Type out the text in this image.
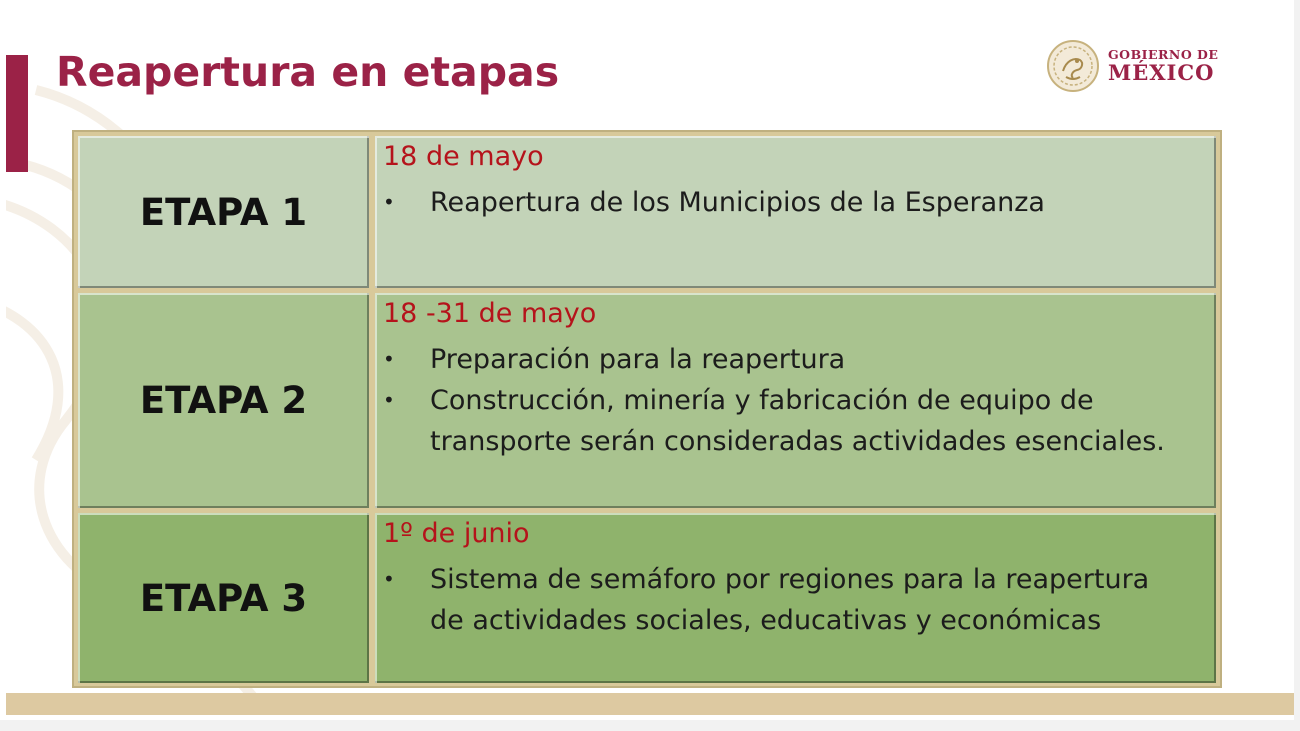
Reapertura en etapas	GOBIERNO DE
MÉXICO
ETAPA 1
18 de mayo
• Reapertura de los Municipios de la Esperanza
ETAPA 2
18 -31 de mayo
• Preparación para la reapertura
• Construcción, minería y fabricación de equipo de transporte serán consideradas actividades esenciales.
ETAPA 3
1º de junio
• Sistema de semáforo por regiones para la reapertura de actividades sociales, educativas y económicas
